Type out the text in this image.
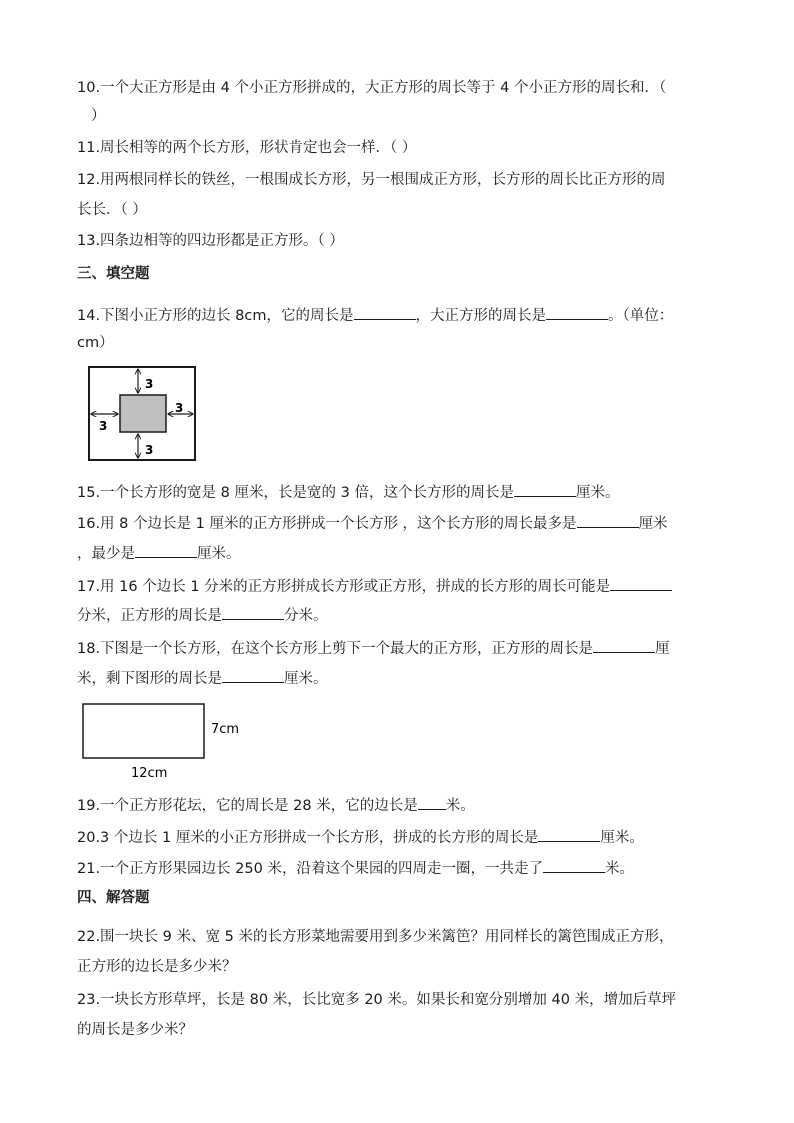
10.一个大正方形是由 4 个小正方形拼成的，大正方形的周长等于 4 个小正方形的周长和．（
）
11.周长相等的两个长方形，形状肯定也会一样．（ ）
12.用两根同样长的铁丝，一根围成长方形，另一根围成正方形，长方形的周长比正方形的周
长长．（ ）
13.四条边相等的四边形都是正方形。（ ）
三、填空题
14.下图小正方形的边长 8cm，它的周长是	，大正方形的周长是	。（单位：
cm）
3
3
3
3
15.一个长方形的宽是 8 厘米，长是宽的 3 倍，这个长方形的周长是	厘米。
16.用 8 个边长是 1 厘米的正方形拼成一个长方形 ，这个长方形的周长最多是	厘米
，最少是	厘米。
17.用 16 个边长 1 分米的正方形拼成长方形或正方形，拼成的长方形的周长可能是
分米，正方形的周长是	分米。
18.下图是一个长方形，在这个长方形上剪下一个最大的正方形，正方形的周长是	厘
米，剩下图形的周长是	厘米。
7cm
12cm
19.一个正方形花坛，它的周长是 28 米，它的边长是 米。
20.3 个边长 1 厘米的小正方形拼成一个长方形，拼成的长方形的周长是	厘米。
21.一个正方形果园边长 250 米，沿着这个果园的四周走一圈，一共走了	米。
四、解答题
22.围一块长 9 米、宽 5 米的长方形菜地需要用到多少米篱笆？用同样长的篱笆围成正方形，
正方形的边长是多少米？
23.一块长方形草坪，长是 80 米，长比宽多 20 米。如果长和宽分别增加 40 米，增加后草坪
的周长是多少米？
